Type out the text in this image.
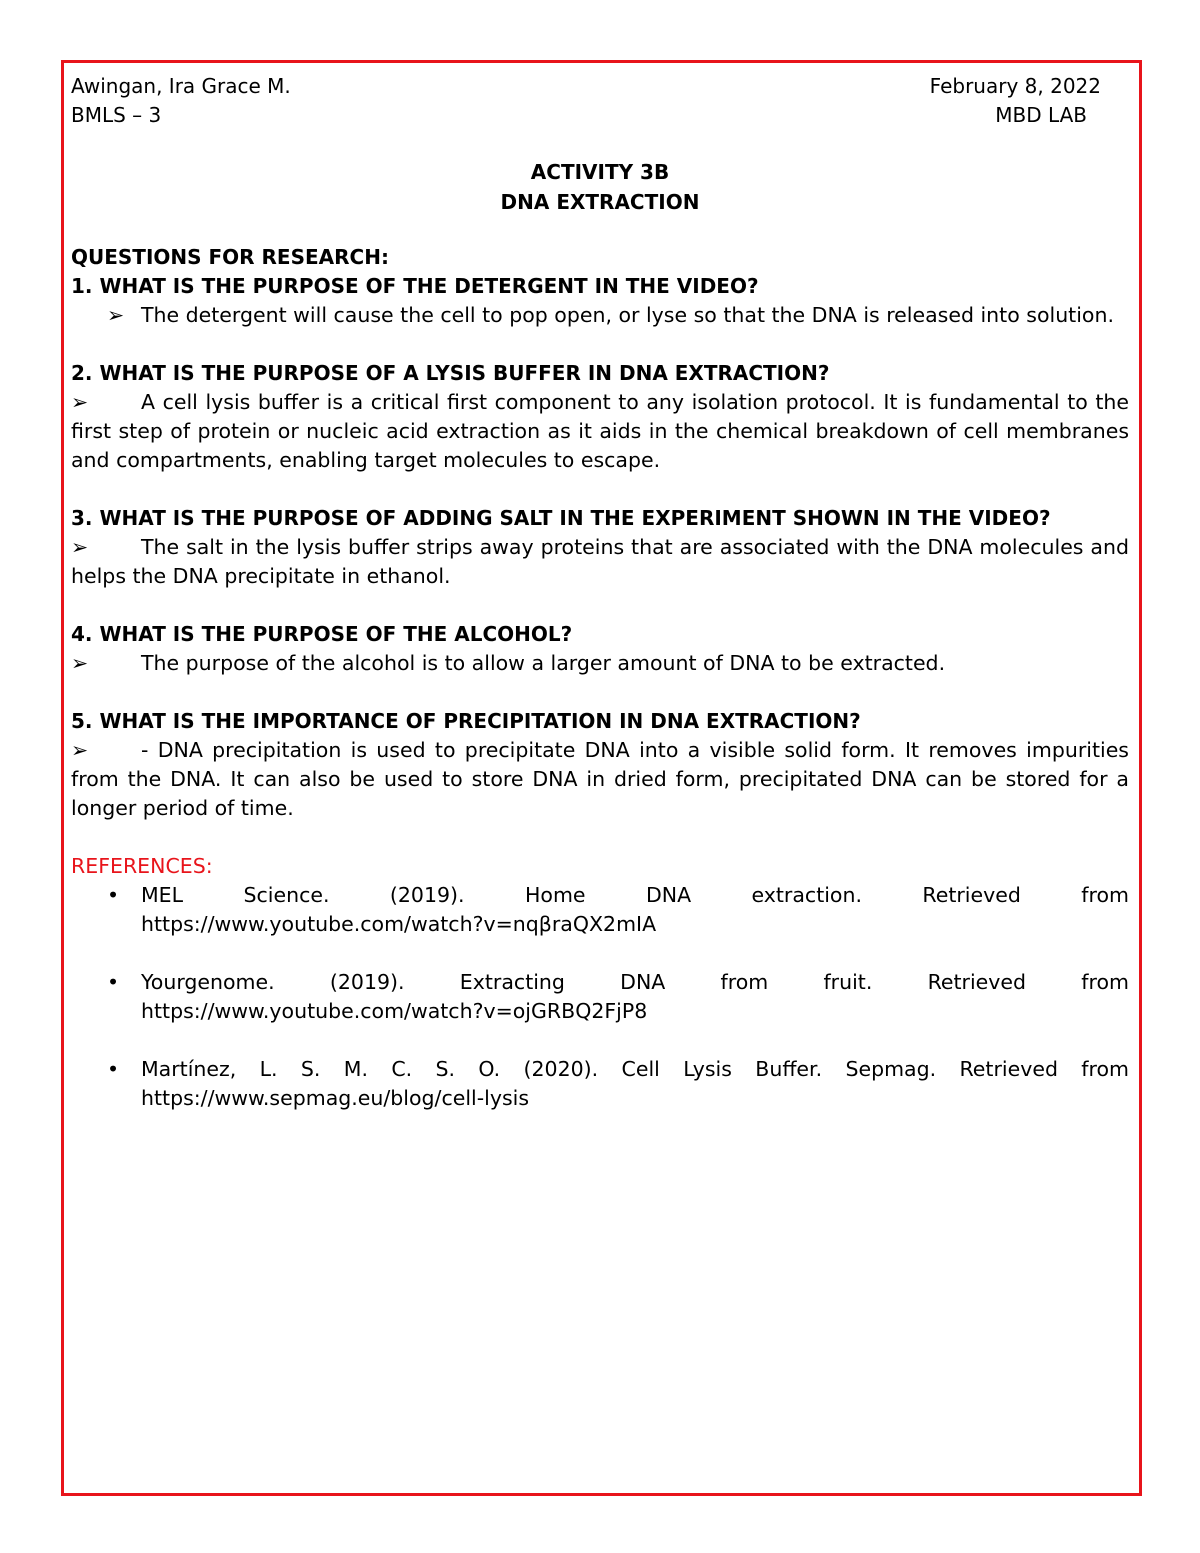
Awingan, Ira Grace M.	February 8, 2022
BMLS – 3	MBD LAB
ACTIVITY 3B
DNA EXTRACTION
QUESTIONS FOR RESEARCH:
1. WHAT IS THE PURPOSE OF THE DETERGENT IN THE VIDEO?
➢ The detergent will cause the cell to pop open, or lyse so that the DNA is released into solution.
2. WHAT IS THE PURPOSE OF A LYSIS BUFFER IN DNA EXTRACTION?
➢	A cell lysis buffer is a critical first component to any isolation protocol. It is fundamental to the first step of protein or nucleic acid extraction as it aids in the chemical breakdown of cell membranes and compartments, enabling target molecules to escape.
3. WHAT IS THE PURPOSE OF ADDING SALT IN THE EXPERIMENT SHOWN IN THE VIDEO?
➢	The salt in the lysis buffer strips away proteins that are associated with the DNA molecules and helps the DNA precipitate in ethanol.
4. WHAT IS THE PURPOSE OF THE ALCOHOL?
➢	The purpose of the alcohol is to allow a larger amount of DNA to be extracted.
5. WHAT IS THE IMPORTANCE OF PRECIPITATION IN DNA EXTRACTION?
➢	- DNA precipitation is used to precipitate DNA into a visible solid form. It removes impurities from the DNA. It can also be used to store DNA in dried form, precipitated DNA can be stored for a longer period of time.
REFERENCES:
•	MEL Science. (2019). Home DNA extraction. Retrieved from
https://www.youtube.com/watch?v=nqβraQX2mIA
•	Yourgenome. (2019). Extracting DNA from fruit. Retrieved from
https://www.youtube.com/watch?v=ojGRBQ2FjP8
•	Martínez, L. S. M. C. S. O. (2020). Cell Lysis Buffer. Sepmag. Retrieved from
https://www.sepmag.eu/blog/cell-lysis
